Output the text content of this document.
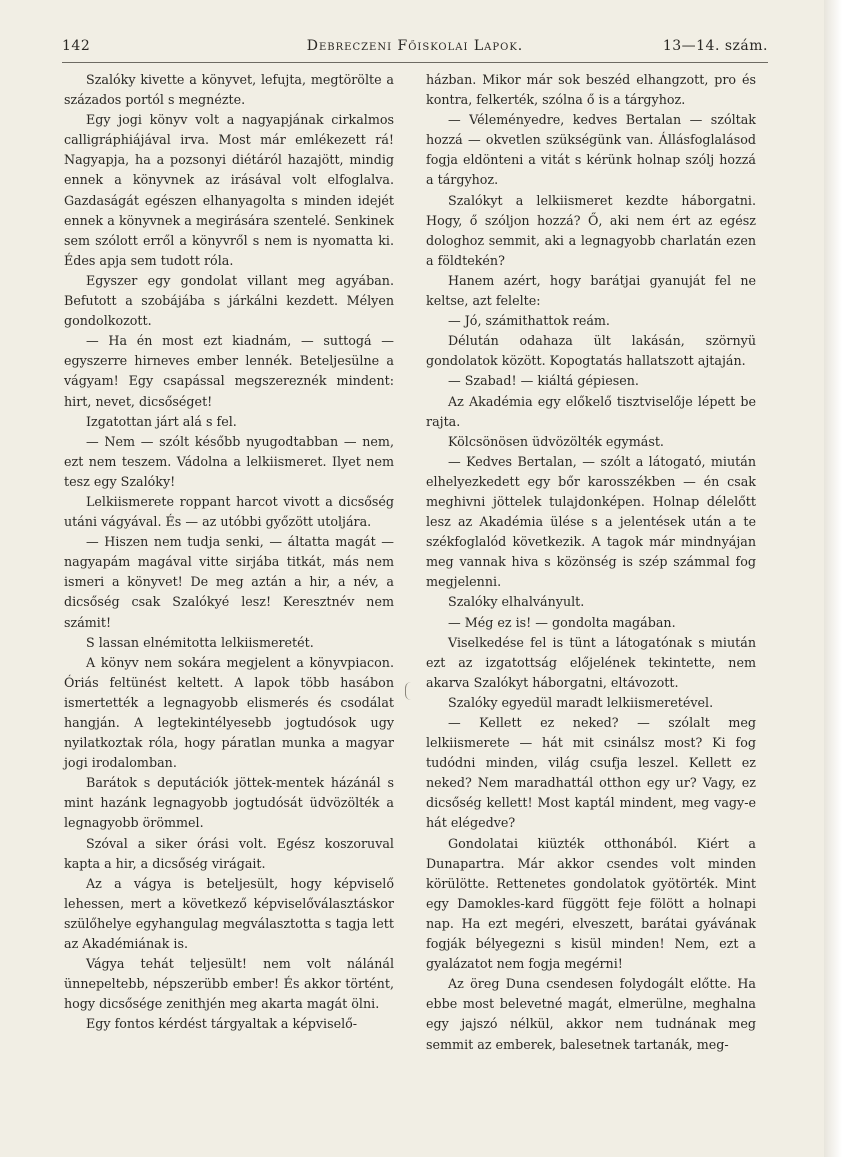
142	Debreczeni Főiskolai Lapok.	13—14. szám.

Szalóky kivette a könyvet, lefujta, megtörölte a százados portól s megnézte.

Egy jogi könyv volt a nagyapjának cirkalmos calligráphiájával irva. Most már emlékezett rá! Nagyapja, ha a pozsonyi diétáról hazajött, mindig ennek a könyvnek az irásával volt elfoglalva. Gazdaságát egészen elhanyagolta s minden idejét ennek a könyvnek a megirására szentelé. Senkinek sem szólott erről a könyvről s nem is nyomatta ki. Édes apja sem tudott róla.

Egyszer egy gondolat villant meg agyában. Befutott a szobájába s járkálni kezdett. Mélyen gondolkozott.

— Ha én most ezt kiadnám, — suttogá — egyszerre hirneves ember lennék. Beteljesülne a vágyam! Egy csapással megszereznék mindent: hirt, nevet, dicsőséget!

Izgatottan járt alá s fel.

— Nem — szólt később nyugodtabban — nem, ezt nem teszem. Vádolna a lelkiismeret. Ilyet nem tesz egy Szalóky!

Lelkiismerete roppant harcot vivott a dicsőség utáni vágyával. És — az utóbbi győzött utoljára.

— Hiszen nem tudja senki, — áltatta magát — nagyapám magával vitte sirjába titkát, más nem ismeri a könyvet! De meg aztán a hir, a név, a dicsőség csak Szalókyé lesz! Keresztnév nem számit!

S lassan elnémitotta lelkiismeretét.

A könyv nem sokára megjelent a könyvpiacon. Óriás feltünést keltett. A lapok több hasábon ismertették a legnagyobb elismerés és csodálat hangján. A legtekintélyesebb jogtudósok ugy nyilatkoztak róla, hogy páratlan munka a magyar jogi irodalomban.

Barátok s deputációk jöttek-mentek házánál s mint hazánk legnagyobb jogtudósát üdvözölték a legnagyobb örömmel.

Szóval a siker órási volt. Egész koszoruval kapta a hir, a dicsőség virágait.

Az a vágya is beteljesült, hogy képviselő lehessen, mert a következő képviselőválasztáskor szülőhelye egyhangulag megválasztotta s tagja lett az Akadémiának is.

Vágya tehát teljesült! nem volt nálánál ünnepeltebb, népszerübb ember! És akkor történt, hogy dicsősége zenithjén meg akarta magát ölni.

Egy fontos kérdést tárgyaltak a képviselő-

házban. Mikor már sok beszéd elhangzott, pro és kontra, felkerték, szólna ő is a tárgyhoz.

— Véleményedre, kedves Bertalan — szóltak hozzá — okvetlen szükségünk van. Állásfoglalásod fogja eldönteni a vitát s kérünk holnap szólj hozzá a tárgyhoz.

Szalókyt a lelkiismeret kezdte háborgatni. Hogy, ő szóljon hozzá? Ő, aki nem ért az egész dologhoz semmit, aki a legnagyobb charlatán ezen a földtekén?

Hanem azért, hogy barátjai gyanuját fel ne keltse, azt felelte:

— Jó, számithattok reám.

Délután odahaza ült lakásán, szörnyü gondolatok között. Kopogtatás hallatszott ajtaján.

— Szabad! — kiáltá gépiesen.

Az Akadémia egy előkelő tisztviselője lépett be rajta.

Kölcsönösen üdvözölték egymást.

— Kedves Bertalan, — szólt a látogató, miután elhelyezkedett egy bőr karosszékben — én csak meghivni jöttelek tulajdonképen. Holnap délelőtt lesz az Akadémia ülése s a jelentések után a te székfoglalód következik. A tagok már mindnyájan meg vannak hiva s közönség is szép számmal fog megjelenni.

Szalóky elhalványult.

— Még ez is! — gondolta magában.

Viselkedése fel is tünt a látogatónak s miután ezt az izgatottság előjelének tekintette, nem akarva Szalókyt háborgatni, eltávozott.

Szalóky egyedül maradt lelkiismeretével.

— Kellett ez neked? — szólalt meg lelkiismerete — hát mit csinálsz most? Ki fog tudódni minden, világ csufja leszel. Kellett ez neked? Nem maradhattál otthon egy ur? Vagy, ez dicsőség kellett! Most kaptál mindent, meg vagy-e hát elégedve?

Gondolatai kiüzték otthonából. Kiért a Dunapartra. Már akkor csendes volt minden körülötte. Rettenetes gondolatok gyötörték. Mint egy Damokles-kard függött feje fölött a holnapi nap. Ha ezt megéri, elveszett, barátai gyávának fogják bélyegezni s kisül minden! Nem, ezt a gyalázatot nem fogja megérni!

Az öreg Duna csendesen folydogált előtte. Ha ebbe most belevetné magát, elmerülne, meghalna egy jajszó nélkül, akkor nem tudnának meg semmit az emberek, balesetnek tartanák, meg-
